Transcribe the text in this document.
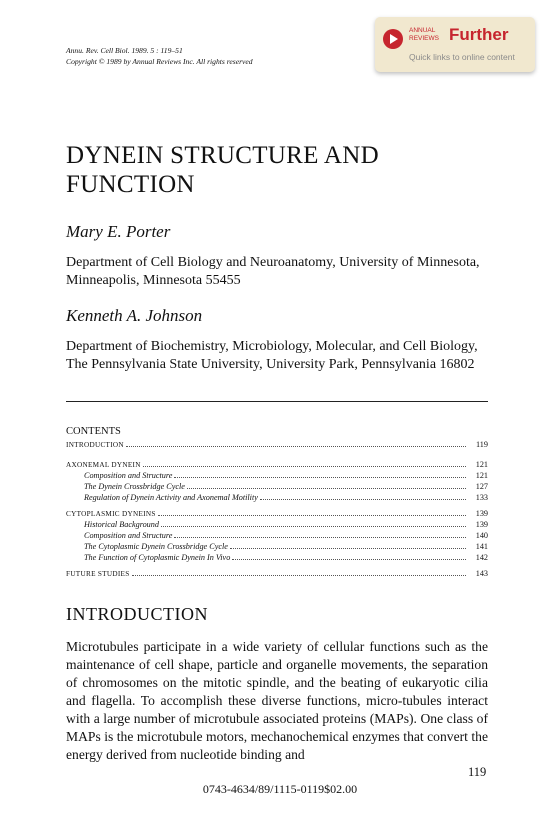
Annu. Rev. Cell Biol. 1989. 5 : 119–51
Copyright © 1989 by Annual Reviews Inc. All rights reserved
ANNUAL
REVIEWS Further
Quick links to online content
DYNEIN STRUCTURE AND
FUNCTION
Mary E. Porter
Department of Cell Biology and Neuroanatomy, University of Minnesota,
Minneapolis, Minnesota 55455
Kenneth A. Johnson
Department of Biochemistry, Microbiology, Molecular, and Cell Biology,
The Pennsylvania State University, University Park, Pennsylvania 16802
CONTENTS
INTRODUCTION	119
AXONEMAL DYNEIN	121
Composition and Structure	121
The Dynein Crossbridge Cycle	127
Regulation of Dynein Activity and Axonemal Motility	133
CYTOPLASMIC DYNEINS	139
Historical Background	139
Composition and Structure	140
The Cytoplasmic Dynein Crossbridge Cycle	141
The Function of Cytoplasmic Dynein In Vivo	142
FUTURE STUDIES	143
INTRODUCTION
Microtubules participate in a wide variety of cellular functions such as the maintenance of cell shape, particle and organelle movements, the separation of chromosomes on the mitotic spindle, and the beating of eukaryotic cilia and flagella. To accomplish these diverse functions, micro-tubules interact with a large number of microtubule associated proteins (MAPs). One class of MAPs is the microtubule motors, mechanochemical enzymes that convert the energy derived from nucleotide binding and
119
0743-4634/89/1115-0119$02.00
